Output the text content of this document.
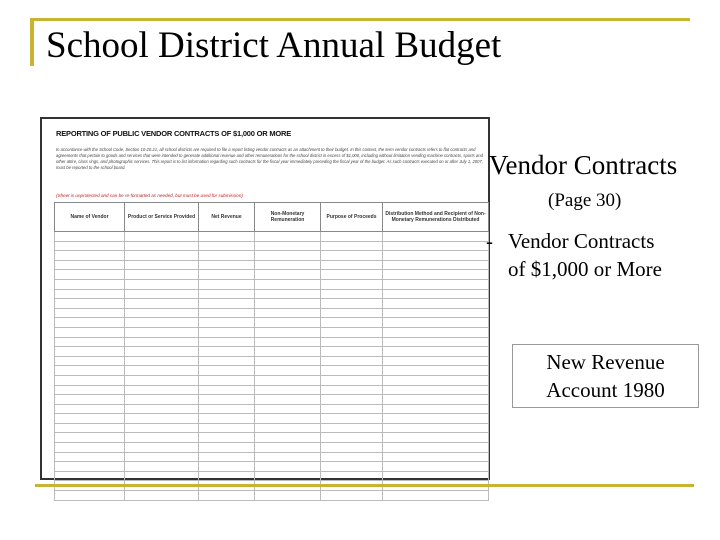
School District Annual Budget
REPORTING OF PUBLIC VENDOR CONTRACTS OF $1,000 OR MORE
In accordance with the School Code, Section 10-20.21, all school districts are required to file a report listing vendor contracts as an attachment to their budget. In this context, the term vendor contracts refers to flat contracts and agreements that pertain to goods and services that were intended to generate additional revenue and other remunerations for the school district in excess of $1,000, including without limitation vending machine contracts, sports and other attire, class rings, and photographic services. This report is to list information regarding such contracts for the fiscal year immediately preceding the fiscal year of the budget. As such contracts executed on or after July 1, 2007, must be reported to the school board.
(Sheet is unprotected and can be re-formatted as needed, but must be used for submission)
Name of Vendor	Product or Service Provided	Net Revenue	Non-Monetary Remuneration	Purpose of Proceeds	Distribution Method and Recipient of Non-Monetary Remunerations Distributed

Vendor Contracts
(Page 30)
- Vendor Contracts
of $1,000 or More
New Revenue
Account 1980
